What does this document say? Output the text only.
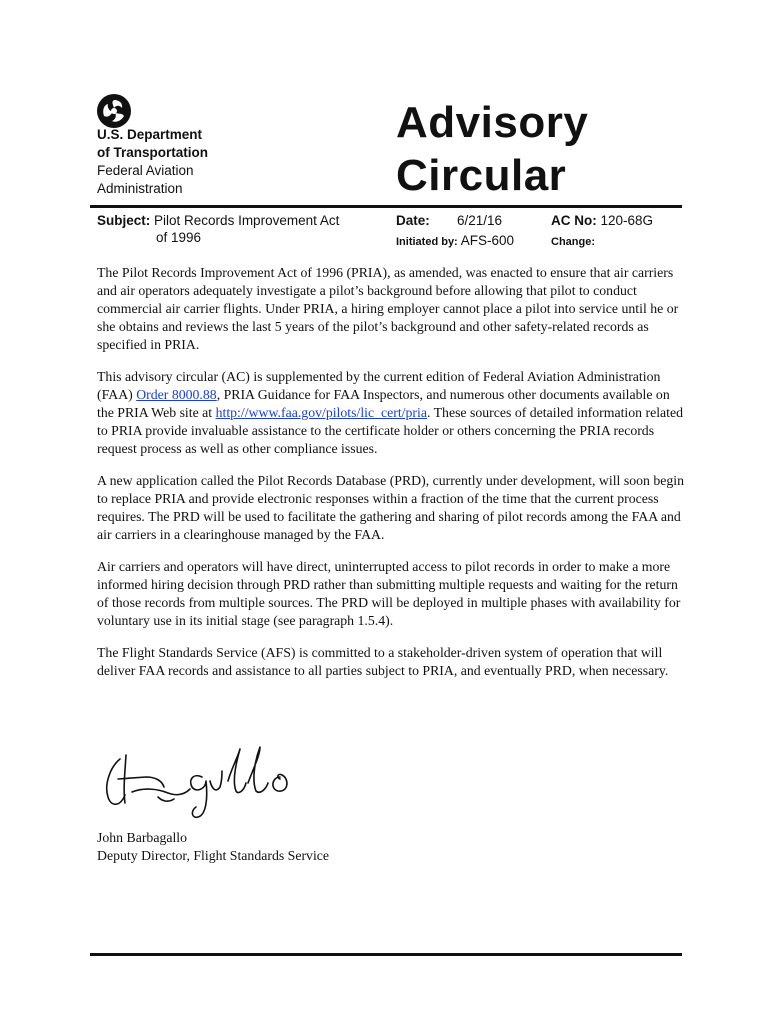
U.S. Department
of Transportation
Federal Aviation
Administration
Advisory
Circular
Subject: Pilot Records Improvement Act
of 1996
Date: 6/21/16	AC No: 120-68G
Initiated by: AFS-600	Change:

The Pilot Records Improvement Act of 1996 (PRIA), as amended, was enacted to ensure that air carriers and air operators adequately investigate a pilot’s background before allowing that pilot to conduct commercial air carrier flights. Under PRIA, a hiring employer cannot place a pilot into service until he or she obtains and reviews the last 5 years of the pilot’s background and other safety-related records as specified in PRIA.

This advisory circular (AC) is supplemented by the current edition of Federal Aviation Administration (FAA) Order 8000.88, PRIA Guidance for FAA Inspectors, and numerous other documents available on the PRIA Web site at http://www.faa.gov/pilots/lic_cert/pria. These sources of detailed information related to PRIA provide invaluable assistance to the certificate holder or others concerning the PRIA records request process as well as other compliance issues.

A new application called the Pilot Records Database (PRD), currently under development, will soon begin to replace PRIA and provide electronic responses within a fraction of the time that the current process requires. The PRD will be used to facilitate the gathering and sharing of pilot records among the FAA and air carriers in a clearinghouse managed by the FAA.

Air carriers and operators will have direct, uninterrupted access to pilot records in order to make a more informed hiring decision through PRD rather than submitting multiple requests and waiting for the return of those records from multiple sources. The PRD will be deployed in multiple phases with availability for voluntary use in its initial stage (see paragraph 1.5.4).

The Flight Standards Service (AFS) is committed to a stakeholder-driven system of operation that will deliver FAA records and assistance to all parties subject to PRIA, and eventually PRD, when necessary.

John Barbagallo
Deputy Director, Flight Standards Service
